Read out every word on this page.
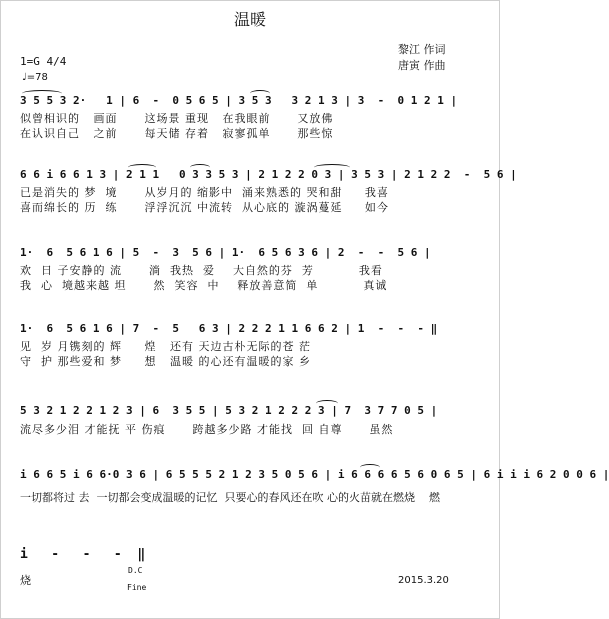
温暖
黎江 作词
唐寅 作曲
1=G 4/4
♩=78
3 5 5 3 2·   1 | 6  -  0 5 6 5 | 3 5 3   3 2 1 3 | 3  -  0 1 2 1 |
似曾相识的   画面      这场景 重现   在我眼前      又放佛
在认识自己   之前      每天储 存着   寂寥孤单      那些惊
6 6 i 6 6 1 3 | 2 1 1   0 3 3 5 3 | 2 1 2 2 0 3 | 3 5 3 | 2 1 2 2  -  5 6 |
已是消失的 梦  境      从岁月的 缩影中  涌来熟悉的 哭和甜     我喜
喜而绵长的 历  练      浮浮沉沉 中流转  从心底的 漩涡蔓延     如今
1·  6  5 6 1 6 | 5  -  3  5 6 | 1·  6 5 6 3 6 | 2  -  -  5 6 |
欢  日 子安静的 流      淌  我热  爱    大自然的芬  芳          我看
我  心  境越来越 坦      然  笑容  中    释放善意简  单          真诚
1·  6  5 6 1 6 | 7  -  5   6 3 | 2 2 2 1 1 6 6 2 | 1  -  -  - ‖
见  岁 月镌刻的 辉     煌   还有 天边古朴无际的苍 茫
守  护 那些爱和 梦     想   温暖 的心还有温暖的家 乡
5 3 2 1 2 2 1 2 3 | 6  3 5 5 | 5 3 2 1 2 2 2 3 | 7  3 7 7 0 5 |
流尽多少泪 才能抚 平 伤痕      跨越多少路 才能找  回 自尊      虽然
i 6 6 5 i 6 6·0 3 6 | 6 5 5 5 2 1 2 3 5 0 5 6 | i 6 6 6 6 5 6 0 6 5 | 6 i i i 6 2 0 0 6 |
一切都将过 去  一切都会变成温暖的记忆  只要心的春风还在吹 心的火苗就在燃烧    燃
i   -   -   -  ‖
烧
D.C
Fine
2015.3.20
